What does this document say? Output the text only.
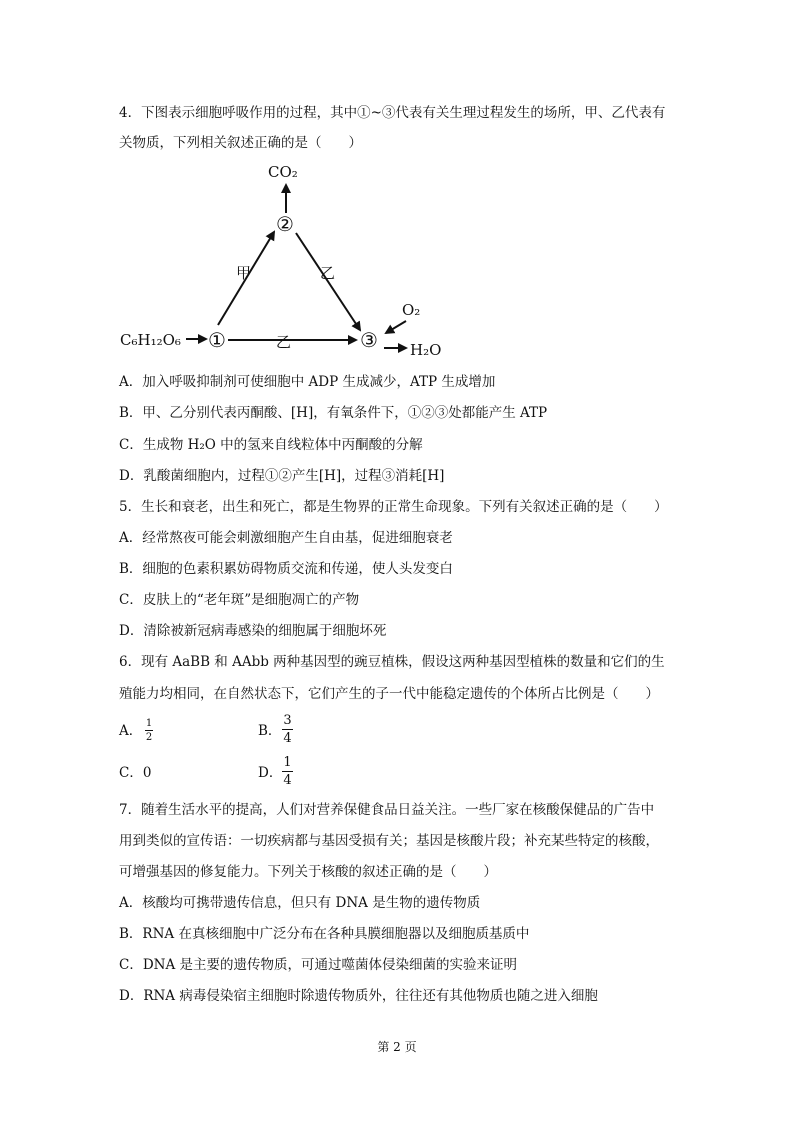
4．下图表示细胞呼吸作用的过程，其中①~③代表有关生理过程发生的场所，甲、乙代表有
关物质，下列相关叙述正确的是（　　）
CO₂
②
甲	乙
C₆H₁₂O₆ ①	乙	③
O₂
H₂O
A．加入呼吸抑制剂可使细胞中 ADP 生成减少，ATP 生成增加
B．甲、乙分别代表丙酮酸、[H]，有氧条件下，①②③处都能产生 ATP
C．生成物 H₂O 中的氢来自线粒体中丙酮酸的分解
D．乳酸菌细胞内，过程①②产生[H]，过程③消耗[H]
5．生长和衰老，出生和死亡，都是生物界的正常生命现象。下列有关叙述正确的是（　　）
A．经常熬夜可能会刺激细胞产生自由基，促进细胞衰老
B．细胞的色素积累妨碍物质交流和传递，使人头发变白
C．皮肤上的“老年斑”是细胞凋亡的产物
D．清除被新冠病毒感染的细胞属于细胞坏死
6．现有 AaBB 和 AAbb 两种基因型的豌豆植株，假设这两种基因型植株的数量和它们的生
殖能力均相同，在自然状态下，它们产生的子一代中能稳定遗传的个体所占比例是（　　）
A． 1
2	B．
3
4
C．0	D．
1
4
7．随着生活水平的提高，人们对营养保健食品日益关注。一些厂家在核酸保健品的广告中
用到类似的宣传语：一切疾病都与基因受损有关；基因是核酸片段；补充某些特定的核酸，
可增强基因的修复能力。下列关于核酸的叙述正确的是（　　）
A．核酸均可携带遗传信息，但只有 DNA 是生物的遗传物质
B．RNA 在真核细胞中广泛分布在各种具膜细胞器以及细胞质基质中
C．DNA 是主要的遗传物质，可通过噬菌体侵染细菌的实验来证明
D．RNA 病毒侵染宿主细胞时除遗传物质外，往往还有其他物质也随之进入细胞
第 2 页
